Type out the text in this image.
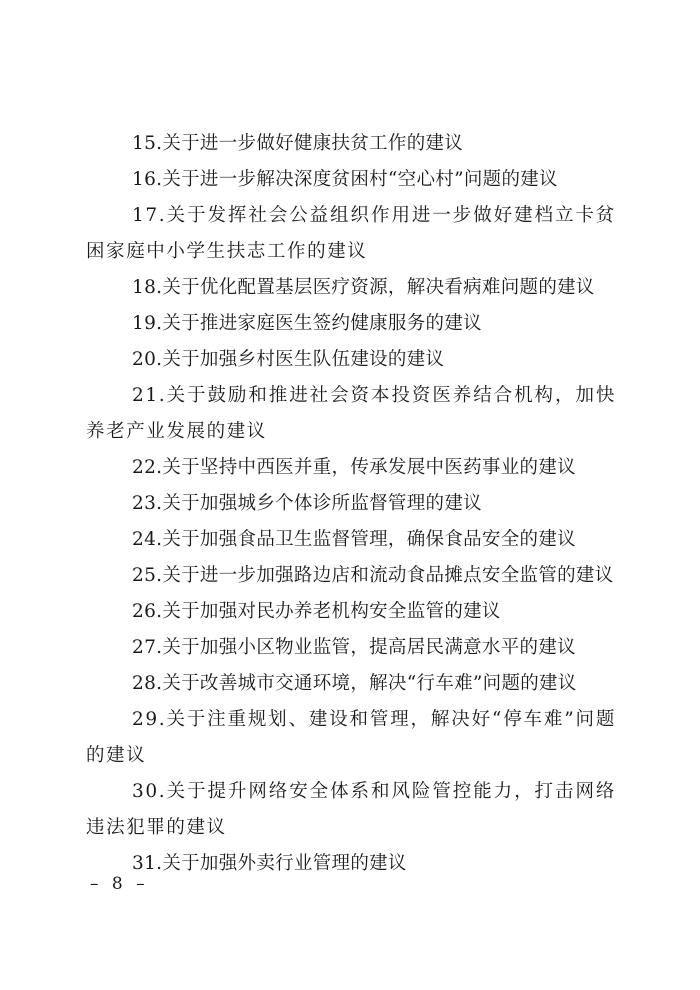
15.关于进一步做好健康扶贫工作的建议
16.关于进一步解决深度贫困村“空心村”问题的建议
17.关于发挥社会公益组织作用进一步做好建档立卡贫困家庭中小学生扶志工作的建议
18.关于优化配置基层医疗资源，解决看病难问题的建议
19.关于推进家庭医生签约健康服务的建议
20.关于加强乡村医生队伍建设的建议
21.关于鼓励和推进社会资本投资医养结合机构，加快养老产业发展的建议
22.关于坚持中西医并重，传承发展中医药事业的建议
23.关于加强城乡个体诊所监督管理的建议
24.关于加强食品卫生监督管理，确保食品安全的建议
25.关于进一步加强路边店和流动食品摊点安全监管的建议
26.关于加强对民办养老机构安全监管的建议
27.关于加强小区物业监管，提高居民满意水平的建议
28.关于改善城市交通环境，解决“行车难”问题的建议
29.关于注重规划、建设和管理，解决好“停车难”问题的建议
30.关于提升网络安全体系和风险管控能力，打击网络违法犯罪的建议
31.关于加强外卖行业管理的建议
– 8 –
